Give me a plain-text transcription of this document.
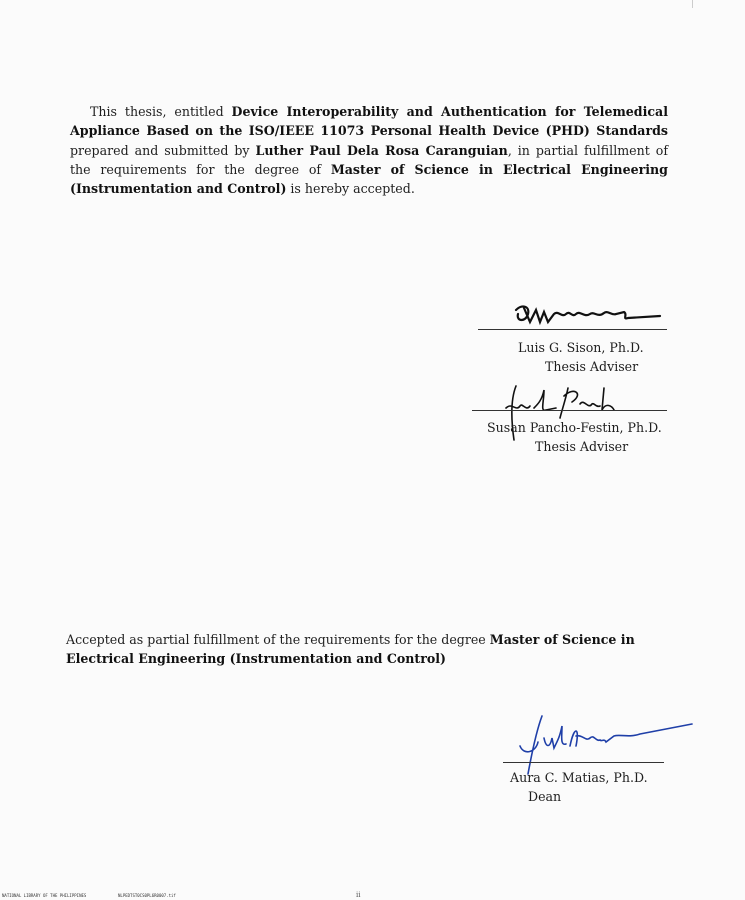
This thesis, entitled Device Interoperability and Authentication for Telemedical Appliance Based on the ISO/IEEE 11073 Personal Health Device (PHD) Standards prepared and submitted by Luther Paul Dela Rosa Caranguian, in partial fulfillment of the requirements for the degree of Master of Science in Electrical Engineering (Instrumentation and Control) is hereby accepted.

Luis G. Sison, Ph.D.
Thesis Adviser
Susan Pancho-Festin, Ph.D.
Thesis Adviser

Accepted as partial fulfillment of the requirements for the degree Master of Science in Electrical Engineering (Instrumentation and Control)

Aura C. Matias, Ph.D.
Dean
NATIONAL LIBRARY OF THE PHILIPPINES	NLPEDTST0CS0PL6R0007.tif	ii
